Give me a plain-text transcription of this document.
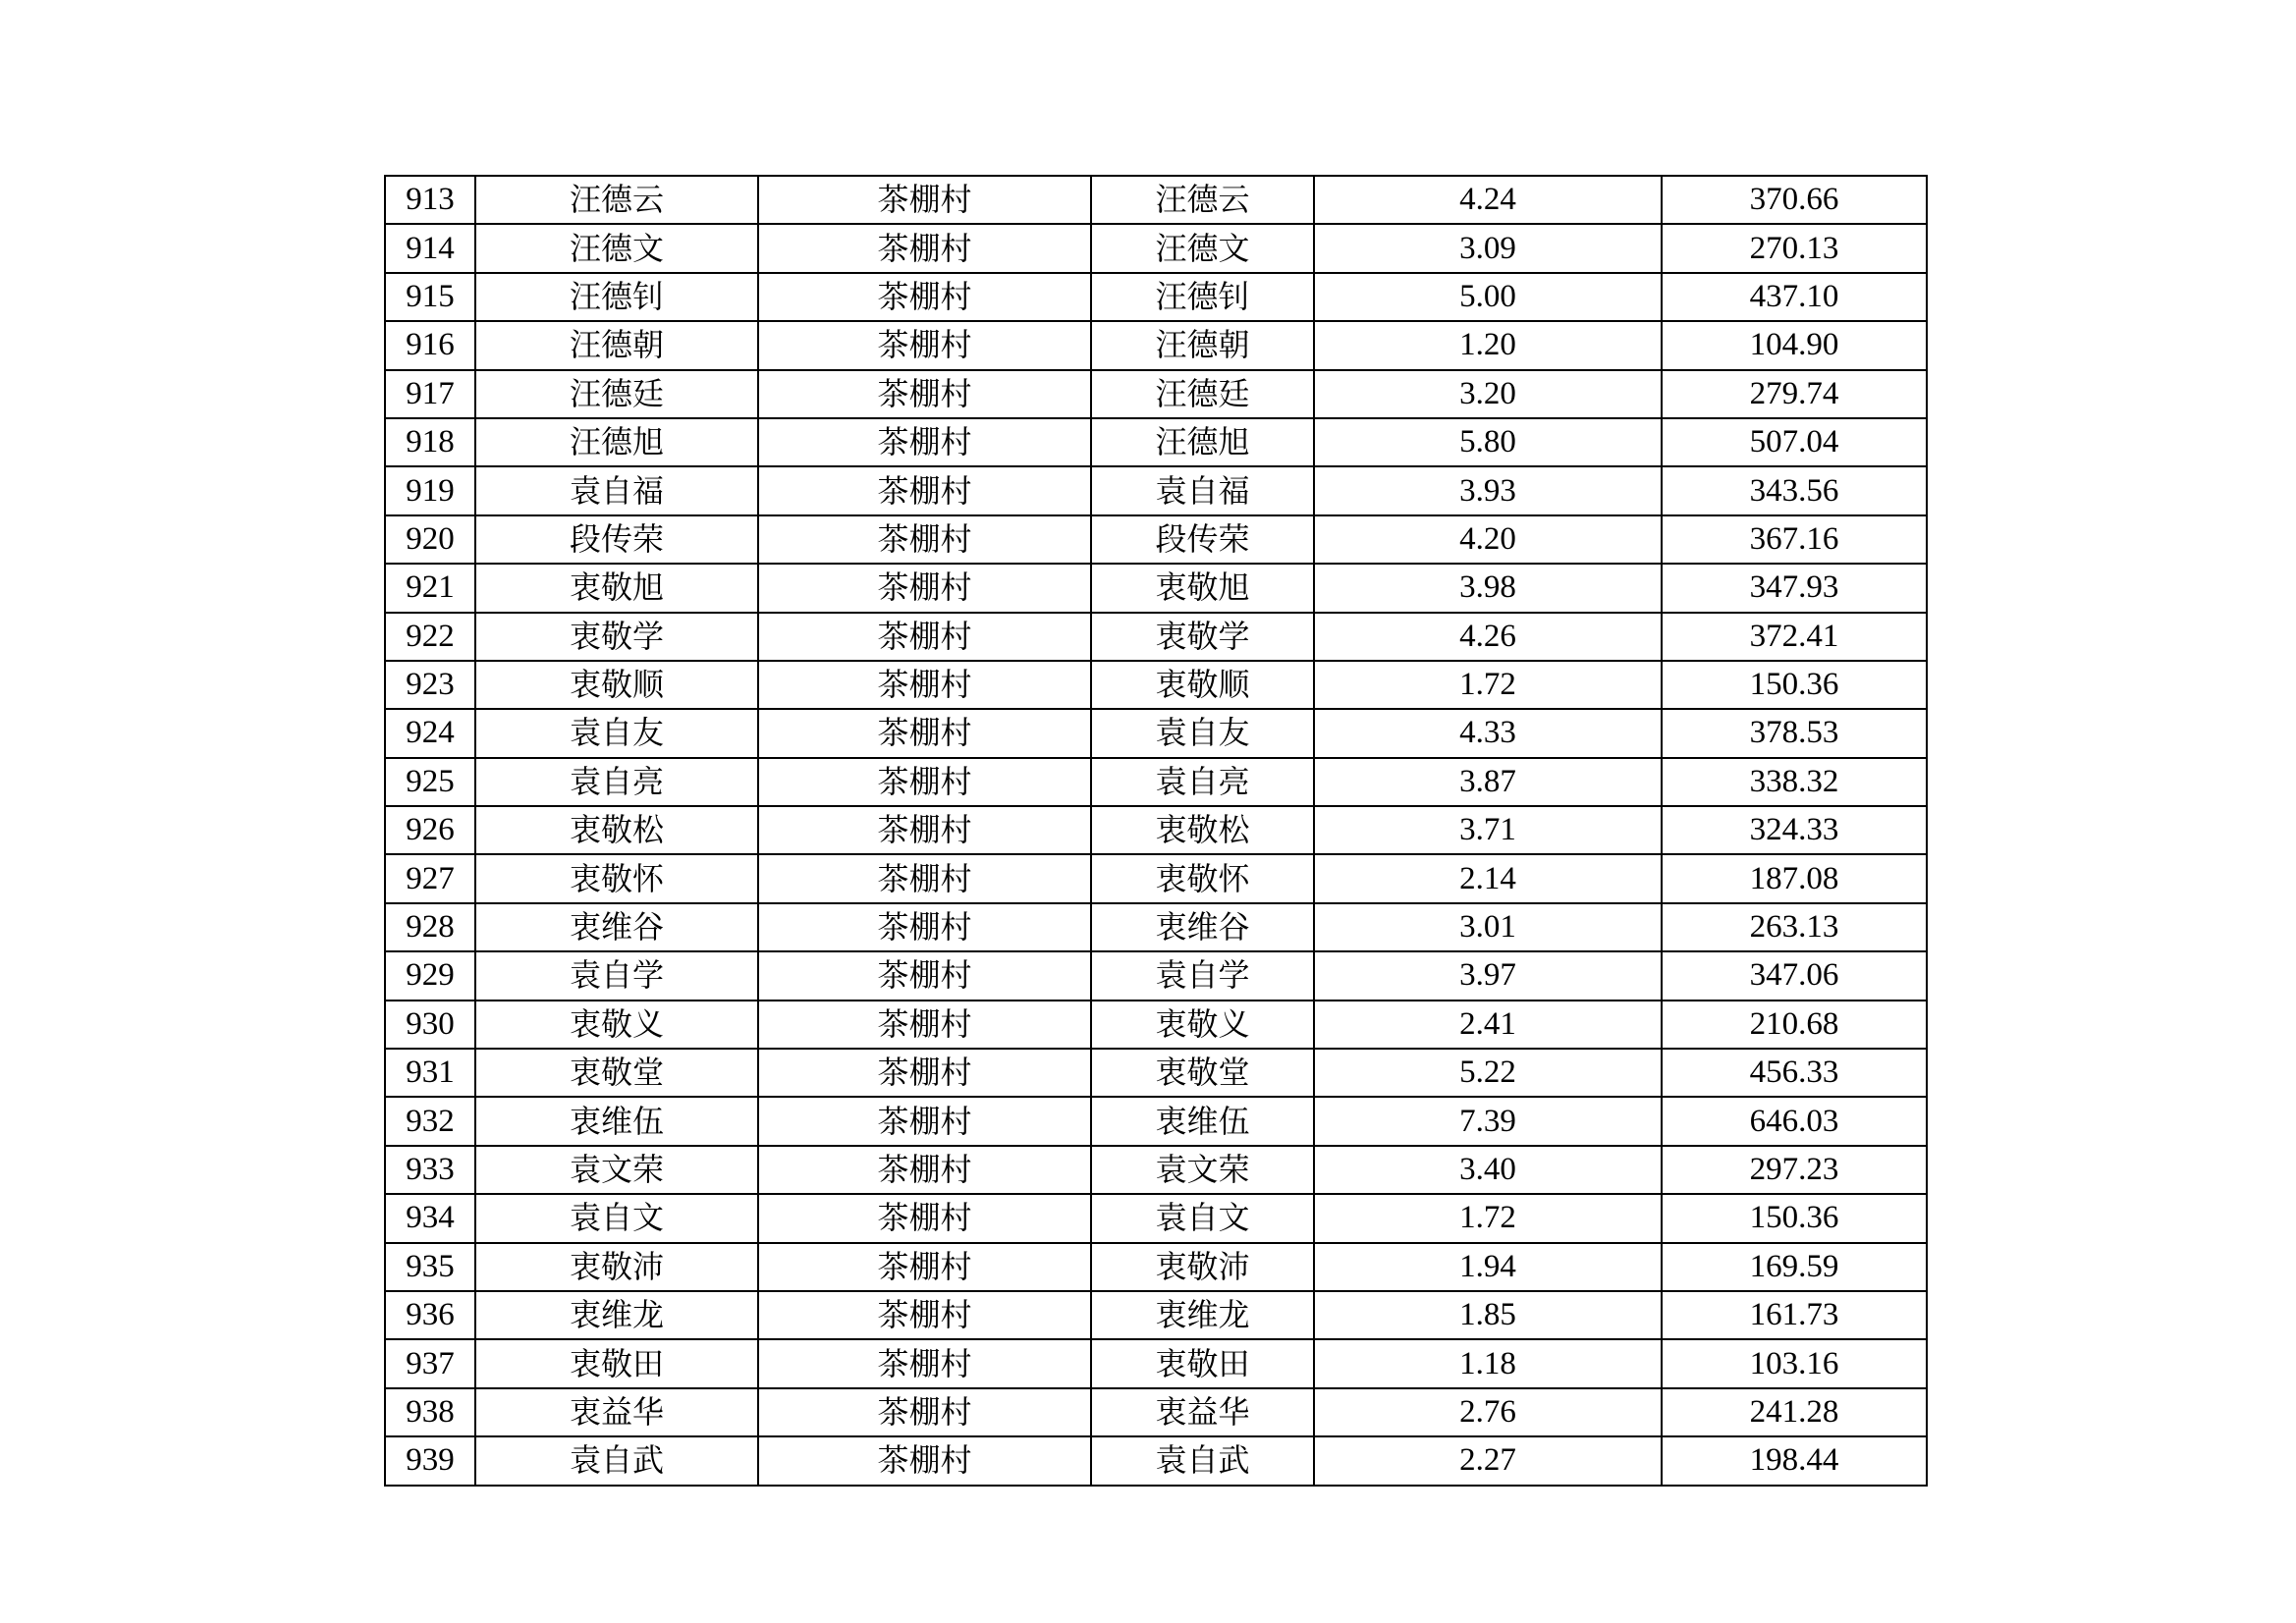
913	汪德云	茶棚村	汪德云	4.24	370.66
914	汪德文	茶棚村	汪德文	3.09	270.13
915	汪德钊	茶棚村	汪德钊	5.00	437.10
916	汪德朝	茶棚村	汪德朝	1.20	104.90
917	汪德廷	茶棚村	汪德廷	3.20	279.74
918	汪德旭	茶棚村	汪德旭	5.80	507.04
919	袁自福	茶棚村	袁自福	3.93	343.56
920	段传荣	茶棚村	段传荣	4.20	367.16
921	衷敬旭	茶棚村	衷敬旭	3.98	347.93
922	衷敬学	茶棚村	衷敬学	4.26	372.41
923	衷敬顺	茶棚村	衷敬顺	1.72	150.36
924	袁自友	茶棚村	袁自友	4.33	378.53
925	袁自亮	茶棚村	袁自亮	3.87	338.32
926	衷敬松	茶棚村	衷敬松	3.71	324.33
927	衷敬怀	茶棚村	衷敬怀	2.14	187.08
928	衷维谷	茶棚村	衷维谷	3.01	263.13
929	袁自学	茶棚村	袁自学	3.97	347.06
930	衷敬义	茶棚村	衷敬义	2.41	210.68
931	衷敬堂	茶棚村	衷敬堂	5.22	456.33
932	衷维伍	茶棚村	衷维伍	7.39	646.03
933	袁文荣	茶棚村	袁文荣	3.40	297.23
934	袁自文	茶棚村	袁自文	1.72	150.36
935	衷敬沛	茶棚村	衷敬沛	1.94	169.59
936	衷维龙	茶棚村	衷维龙	1.85	161.73
937	衷敬田	茶棚村	衷敬田	1.18	103.16
938	衷益华	茶棚村	衷益华	2.76	241.28
939	袁自武	茶棚村	袁自武	2.27	198.44
